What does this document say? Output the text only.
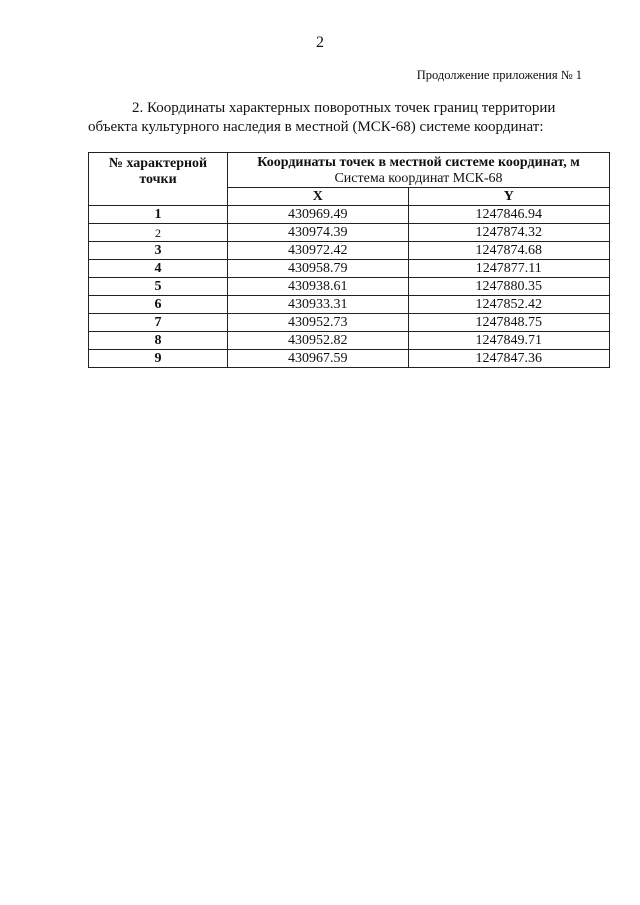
2
Продолжение приложения № 1
2. Координаты характерных поворотных точек границ территории
объекта культурного наследия в местной (МСК-68) системе координат:
№ характерной точки	Координаты точек в местной системе координат, м
Система координат МСК-68	
	X	Y
1	430969.49	1247846.94
2	430974.39	1247874.32
3	430972.42	1247874.68
4	430958.79	1247877.11
5	430938.61	1247880.35
6	430933.31	1247852.42
7	430952.73	1247848.75
8	430952.82	1247849.71
9	430967.59	1247847.36
